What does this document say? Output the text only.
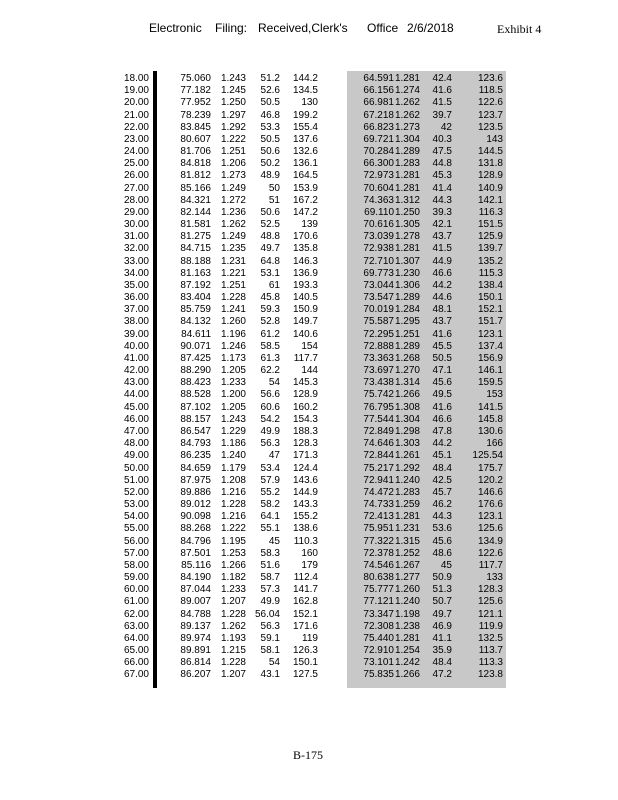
Electronic Filing: Received,Clerk's Office 2/6/2018	Exhibit 4
18.00	75.060 1.243	51.2	144.2	64.591 1.281	42.4	123.6
19.00	77.182 1.245	52.6	134.5	66.156 1.274	41.6	118.5
20.00	77.952 1.250	50.5	130	66.981 1.262	41.5	122.6
21.00	78.239 1.297	46.8	199.2	67.218 1.262	39.7	123.7
22.00	83.845 1.292	53.3	155.4	66.823 1.273	42	123.5
23.00	80.607 1.222	50.5	137.6	69.721 1.304	40.3	143
24.00	81.706 1.251	50.6	132.6	70.284 1.289	47.5	144.5
25.00	84.818 1.206	50.2	136.1	66.300 1.283	44.8	131.8
26.00	81.812 1.273	48.9	164.5	72.973 1.281	45.3	128.9
27.00	85.166 1.249	50	153.9	70.604 1.281	41.4	140.9
28.00	84.321 1.272	51	167.2	74.363 1.312	44.3	142.1
29.00	82.144 1.236	50.6	147.2	69.110 1.250	39.3	116.3
30.00	81.581 1.262	52.5	139	70.616 1.305	42.1	151.5
31.00	81.275 1.249	48.8	170.6	73.039 1.278	43.7	125.9
32.00	84.715 1.235	49.7	135.8	72.938 1.281	41.5	139.7
33.00	88.188 1.231	64.8	146.3	72.710 1.307	44.9	135.2
34.00	81.163 1.221	53.1	136.9	69.773 1.230	46.6	115.3
35.00	87.192 1.251	61	193.3	73.044 1.306	44.2	138.4
36.00	83.404 1.228	45.8	140.5	73.547 1.289	44.6	150.1
37.00	85.759 1.241	59.3	150.9	70.019 1.284	48.1	152.1
38.00	84.132 1.260	52.8	149.7	75.587 1.295	43.7	151.7
39.00	84.611 1.196	61.2	140.6	72.295 1.251	41.6	123.1
40.00	90.071 1.246	58.5	154	72.888 1.289	45.5	137.4
41.00	87.425 1.173	61.3	117.7	73.363 1.268	50.5	156.9
42.00	88.290 1.205	62.2	144	73.697 1.270	47.1	146.1
43.00	88.423 1.233	54	145.3	73.438 1.314	45.6	159.5
44.00	88.528 1.200	56.6	128.9	75.742 1.266	49.5	153
45.00	87.102 1.205	60.6	160.2	76.795 1.308	41.6	141.5
46.00	88.157 1.243	54.2	154.3	77.544 1.304	46.6	145.8
47.00	86.547 1.229	49.9	188.3	72.849 1.298	47.8	130.6
48.00	84.793 1.186	56.3	128.3	74.646 1.303	44.2	166
49.00	86.235 1.240	47	171.3	72.844 1.261	45.1	125.54
50.00	84.659 1.179	53.4	124.4	75.217 1.292	48.4	175.7
51.00	87.975 1.208	57.9	143.6	72.941 1.240	42.5	120.2
52.00	89.886 1.216	55.2	144.9	74.472 1.283	45.7	146.6
53.00	89.012 1.228	58.2	143.3	74.733 1.259	46.2	176.6
54.00	90.098 1.216	64.1	155.2	72.413 1.281	44.3	123.1
55.00	88.268 1.222	55.1	138.6	75.951 1.231	53.6	125.6
56.00	84.796 1.195	45	110.3	77.322 1.315	45.6	134.9
57.00	87.501 1.253	58.3	160	72.378 1.252	48.6	122.6
58.00	85.116 1.266	51.6	179	74.546 1.267	45	117.7
59.00	84.190 1.182	58.7	112.4	80.638 1.277	50.9	133
60.00	87.044 1.233	57.3	141.7	75.777 1.260	51.3	128.3
61.00	89.007 1.207	49.9	162.8	77.121 1.240	50.7	125.6
62.00	84.788 1.228 56.04	152.1	73.347 1.198	49.7	121.1
63.00	89.137 1.262	56.3	171.6	72.308 1.238	46.9	119.9
64.00	89.974 1.193	59.1	119	75.440 1.281	41.1	132.5
65.00	89.891 1.215	58.1	126.3	72.910 1.254	35.9	113.7
66.00	86.814 1.228	54	150.1	73.101 1.242	48.4	113.3
67.00	86.207 1.207	43.1	127.5	75.835 1.266	47.2	123.8
B-175
